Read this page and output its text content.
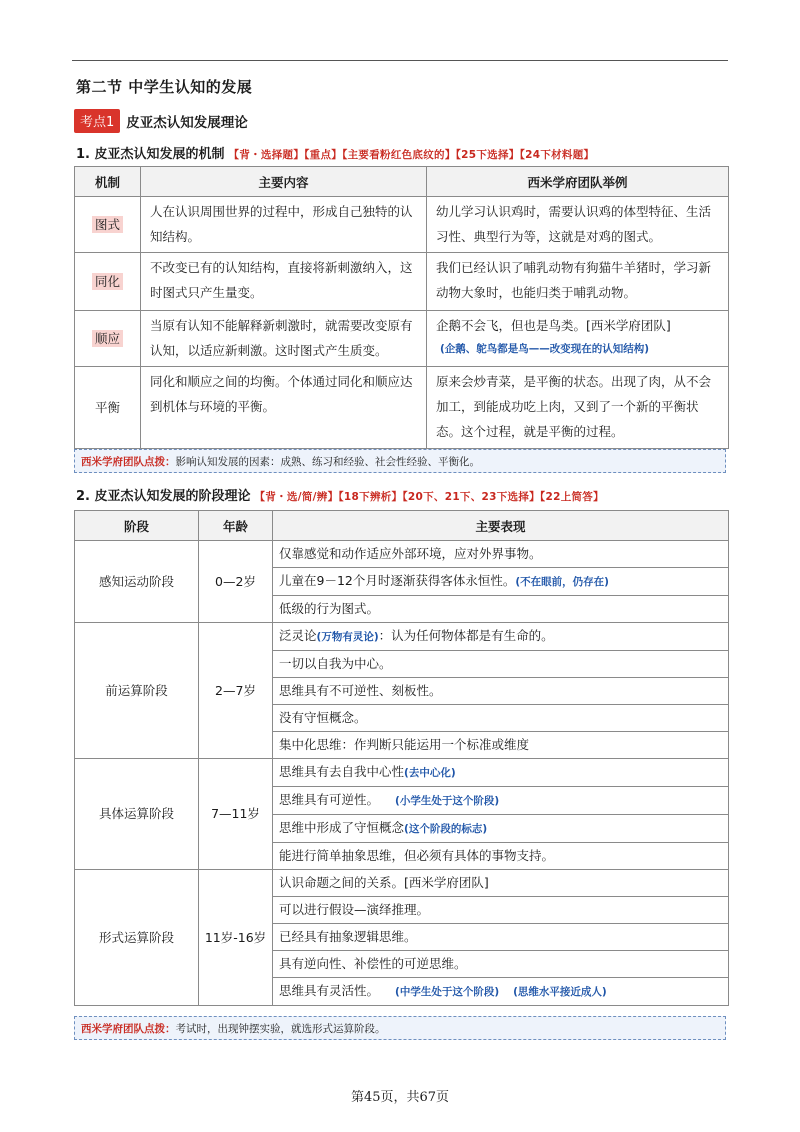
第二节 中学生认知的发展
考点1 皮亚杰认知发展理论
1. 皮亚杰认知发展的机制 【背・选择题】【重点】【主要看粉红色底纹的】【25下选择】【24下材料题】
机制	主要内容	西米学府团队举例
图式	人在认识周围世界的过程中，形成自己独特的认知结构。	幼儿学习认识鸡时，需要认识鸡的体型特征、生活习性、典型行为等，这就是对鸡的图式。
同化	不改变已有的认知结构，直接将新刺激纳入，这时图式只产生量变。	我们已经认识了哺乳动物有狗猫牛羊猪时，学习新动物大象时，也能归类于哺乳动物。
顺应	当原有认知不能解释新刺激时，就需要改变原有认知，以适应新刺激。这时图式产生质变。	企鹅不会飞，但也是鸟类。[西米学府团队]
(企鹅、鸵鸟都是鸟——改变现在的认知结构)

平衡	同化和顺应之间的均衡。个体通过同化和顺应达到机体与环境的平衡。	原来会炒青菜，是平衡的状态。出现了肉，从不会加工，到能成功吃上肉，又到了一个新的平衡状态。这个过程，就是平衡的过程。
西米学府团队点拨：影响认知发展的因素：成熟、练习和经验、社会性经验、平衡化。
2. 皮亚杰认知发展的阶段理论 【背・选/简/辨】【18下辨析】【20下、21下、23下选择】【22上简答】
阶段	年龄	主要表现
感知运动阶段	0—2岁	仅靠感觉和动作适应外部环境，应对外界事物。
		儿童在9－12个月时逐渐获得客体永恒性。(不在眼前，仍存在)
		低级的行为图式。
前运算阶段	2—7岁	泛灵论(万物有灵论)：认为任何物体都是有生命的。
		一切以自我为中心。
		思维具有不可逆性、刻板性。
		没有守恒概念。
		集中化思维：作判断只能运用一个标准或维度
具体运算阶段	7—11岁	思维具有去自我中心性(去中心化)
		思维具有可逆性。 (小学生处于这个阶段)
		思维中形成了守恒概念(这个阶段的标志)
		能进行简单抽象思维，但必须有具体的事物支持。
形式运算阶段	11岁-16岁	认识命题之间的关系。[西米学府团队]
		可以进行假设—演绎推理。
		已经具有抽象逻辑思维。
		具有逆向性、补偿性的可逆思维。
		思维具有灵活性。 (中学生处于这个阶段) (思维水平接近成人)
西米学府团队点拨：考试时，出现钟摆实验，就选形式运算阶段。
第45页，共67页
